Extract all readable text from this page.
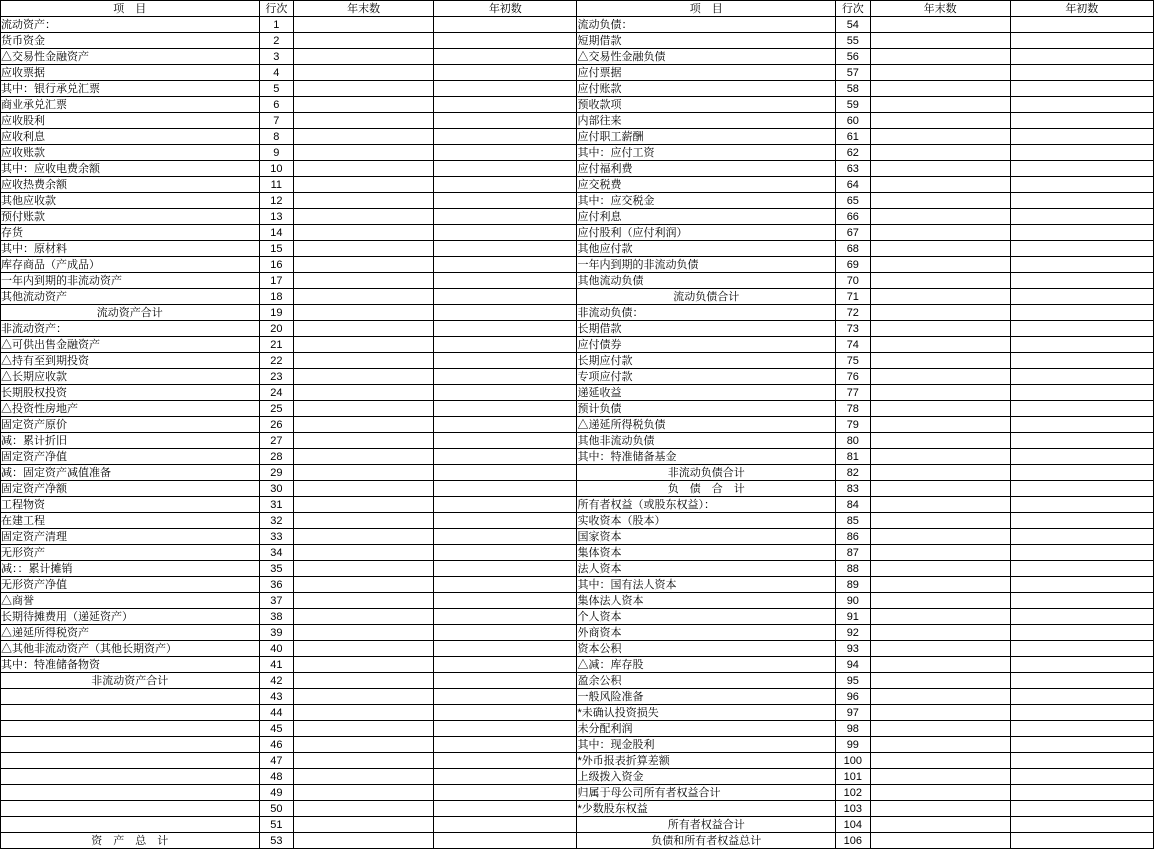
项　目	行次	年末数	年初数	项　目	行次	年末数	年初数
流动资产：	1			流动负债：	54		
货币资金	2			短期借款	55		
△交易性金融资产	3			△交易性金融负债	56		
应收票据	4			应付票据	57		
其中：银行承兑汇票	5			应付账款	58		
商业承兑汇票	6			预收款项	59		
应收股利	7			内部往来	60		
应收利息	8			应付职工薪酬	61		
应收账款	9			其中：应付工资	62		
其中：应收电费余额	10			应付福利费	63		
应收热费余额	11			应交税费	64		
其他应收款	12			其中：应交税金	65		
预付账款	13			应付利息	66		
存货	14			应付股利（应付利润）	67		
其中：原材料	15			其他应付款	68		
库存商品（产成品）	16			一年内到期的非流动负债	69		
一年内到期的非流动资产	17			其他流动负债	70		
其他流动资产	18			流动负债合计	71		
流动资产合计	19			非流动负债：	72		
非流动资产：	20			长期借款	73		
△可供出售金融资产	21			应付债券	74		
△持有至到期投资	22			长期应付款	75		
△长期应收款	23			专项应付款	76		
长期股权投资	24			递延收益	77		
△投资性房地产	25			预计负债	78		
固定资产原价	26			△递延所得税负债	79		
减：累计折旧	27			其他非流动负债	80		
固定资产净值	28			其中：特准储备基金	81		
减：固定资产减值准备	29			非流动负债合计	82		
固定资产净额	30			负　债　合　计	83		
工程物资	31			所有者权益（或股东权益）：	84		
在建工程	32			实收资本（股本）	85		
固定资产清理	33			国家资本	86		
无形资产	34			集体资本	87		
减：：累计摊销	35			法人资本	88		
无形资产净值	36			其中：国有法人资本	89		
△商誉	37			集体法人资本	90		
长期待摊费用（递延资产）	38			个人资本	91		
△递延所得税资产	39			外商资本	92		
△其他非流动资产（其他长期资产）	40			资本公积	93		
其中：特准储备物资	41			△减：库存股	94		
非流动资产合计	42			盈余公积	95		
	43			一般风险准备	96		
	44			*未确认投资损失	97		
	45			未分配利润	98		
	46			其中：现金股利	99		
	47			*外币报表折算差额	100		
	48			上级拨入资金	101		
	49			归属于母公司所有者权益合计	102		
	50			*少数股东权益	103		
	51			所有者权益合计	104		
资　产　总　计	53			负债和所有者权益总计	106		
